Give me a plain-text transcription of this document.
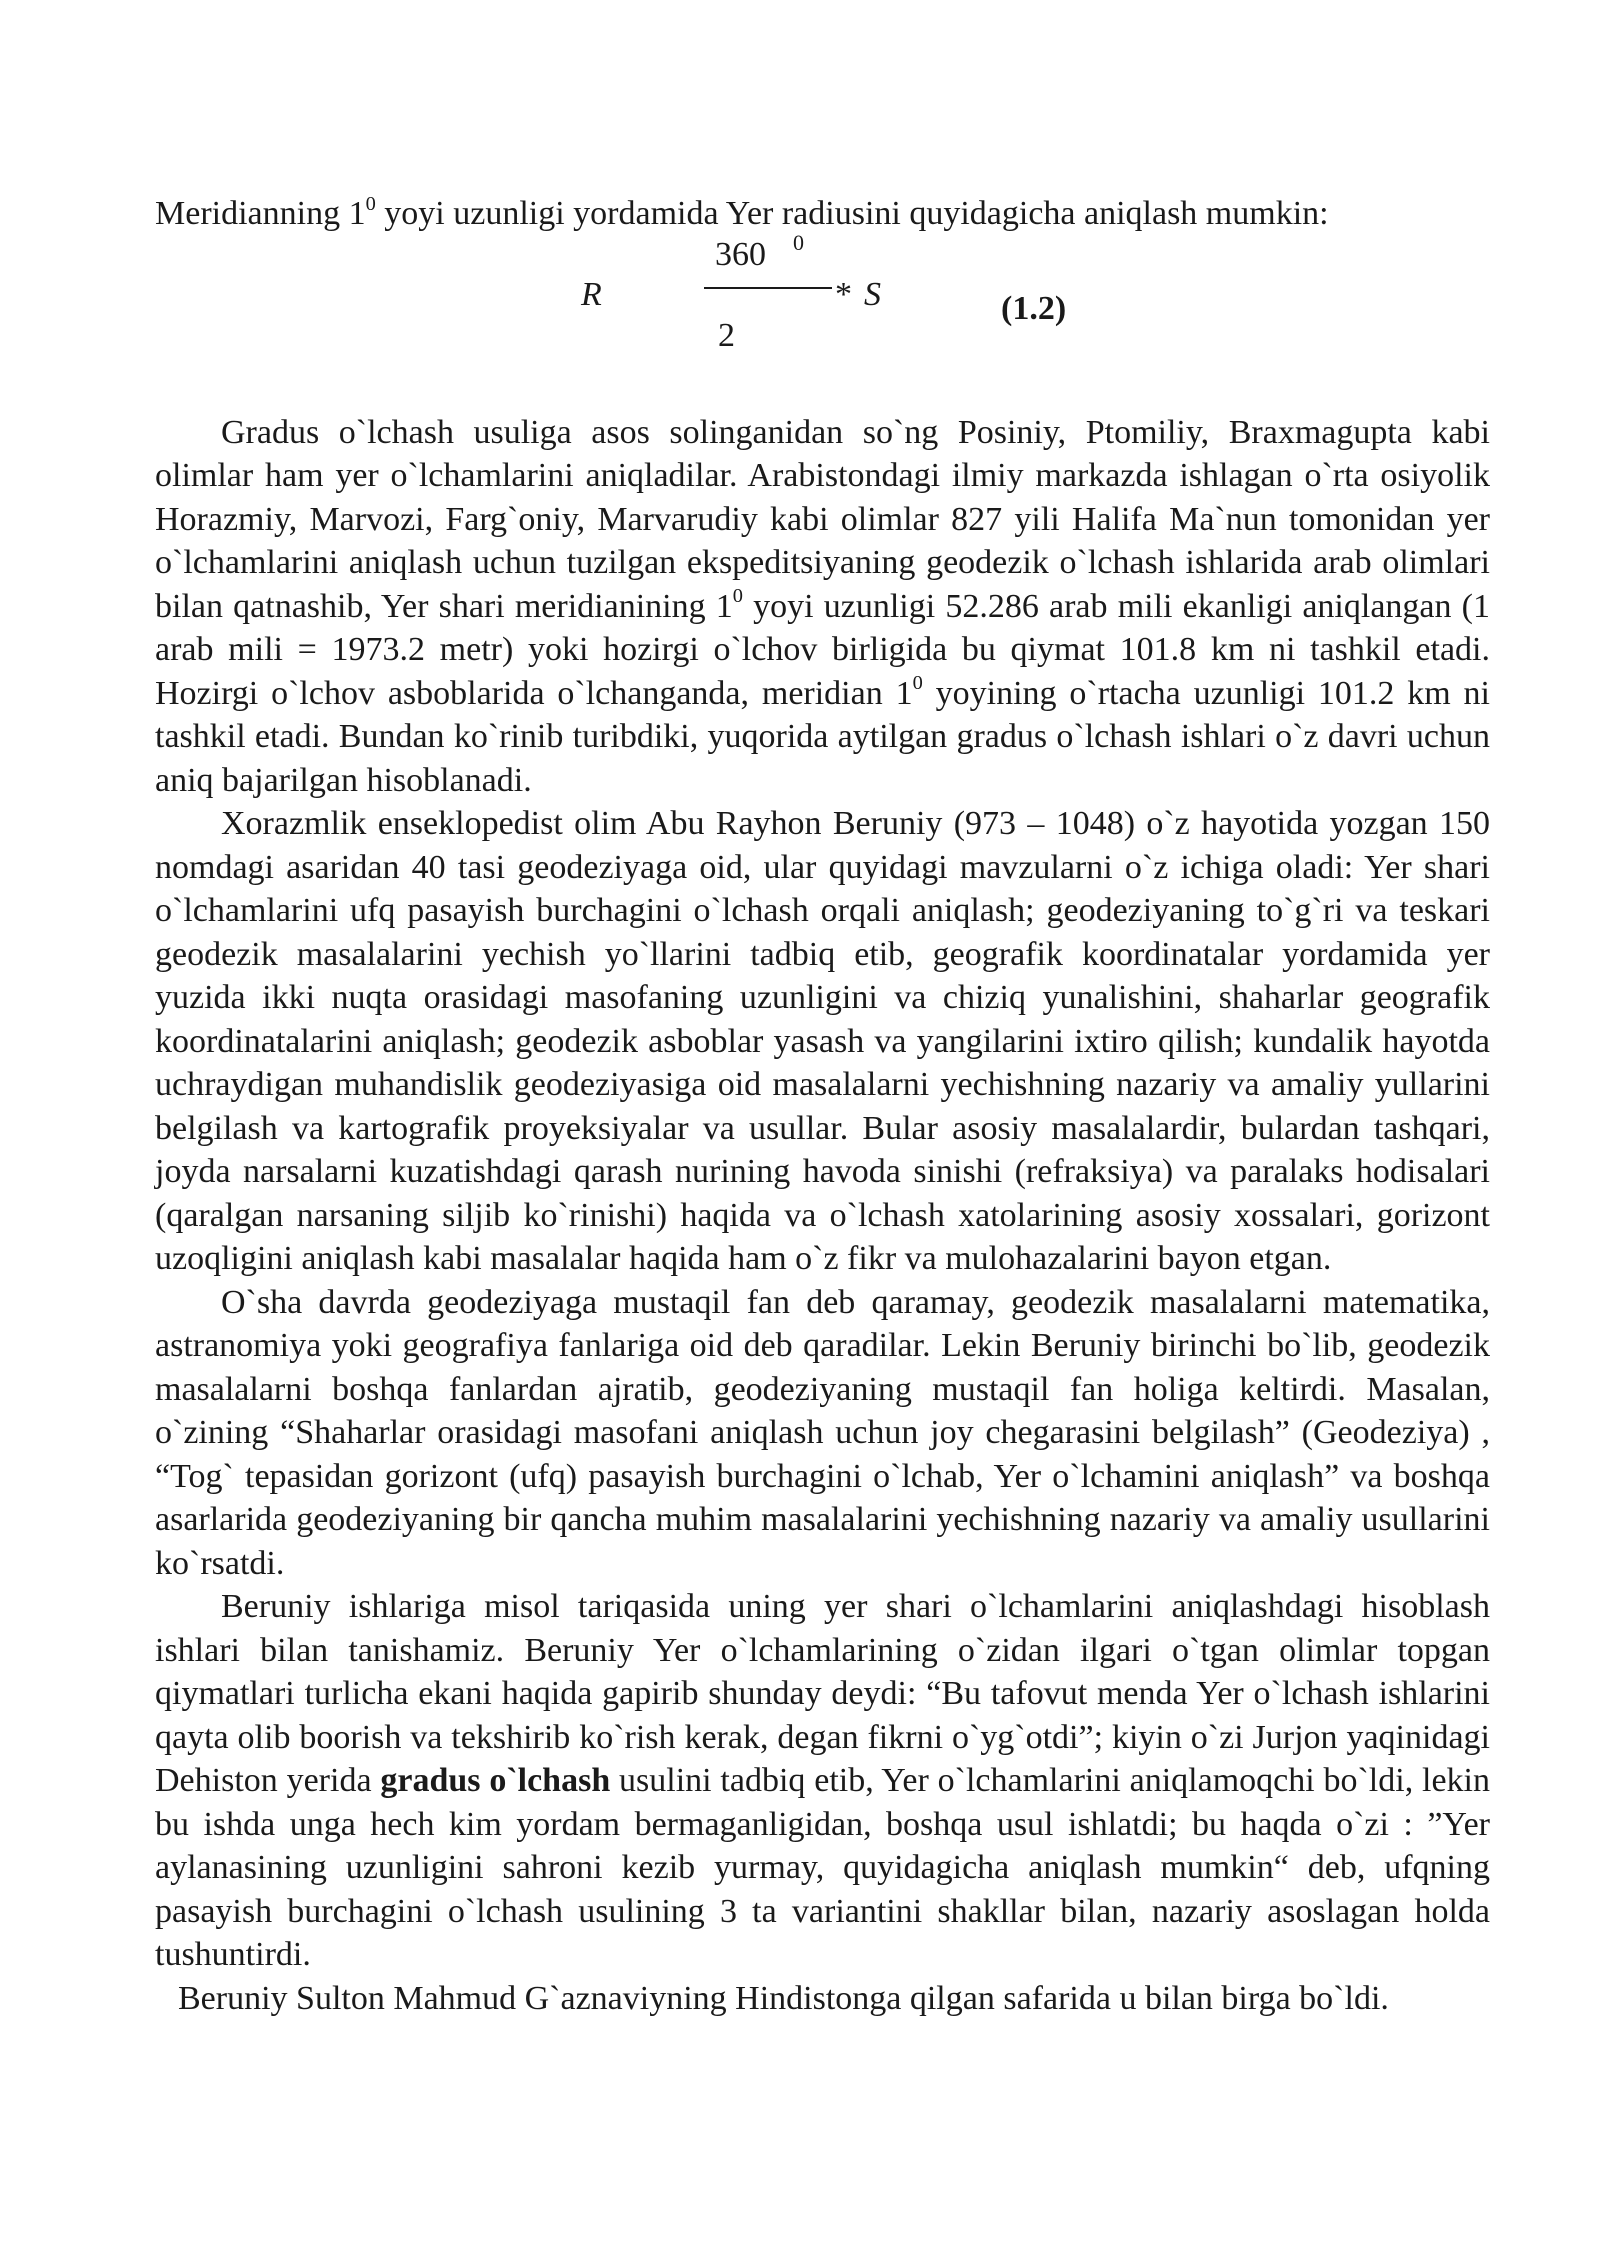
Meridianning $1^0$ yoyi uzunligi yordamida Yer radiusini quyidagicha aniqlash mumkin:

360 0
R	* S	(1.2)
2

Gradus o`lchash usuliga asos solinganidan so`ng Posiniy, Ptomiliy, Braxmagupta kabi olimlar ham yer o`lchamlarini aniqladilar. Arabistondagi ilmiy markazda ishlagan o`rta osiyolik Horazmiy, Marvozi, Farg`oniy, Marvarudiy kabi olimlar 827 yili Halifa Ma`nun tomonidan yer o`lchamlarini aniqlash uchun tuzilgan ekspeditsiyaning geodezik o`lchash ishlarida arab olimlari bilan qatnashib, Yer shari meridianining $1^0$ yoyi uzunligi 52.286 arab mili ekanligi aniqlangan (1 arab mili = 1973.2 metr) yoki hozirgi o`lchov birligida bu qiymat 101.8 km ni tashkil etadi. Hozirgi o`lchov asboblarida o`lchanganda, meridian $1^0$ yoyining o`rtacha uzunligi 101.2 km ni tashkil etadi. Bundan ko`rinib turibdiki, yuqorida aytilgan gradus o`lchash ishlari o`z davri uchun aniq bajarilgan hisoblanadi.

Xorazmlik enseklopedist olim Abu Rayhon Beruniy (973 – 1048) o`z hayotida yozgan 150 nomdagi asaridan 40 tasi geodeziyaga oid, ular quyidagi mavzularni o`z ichiga oladi: Yer shari o`lchamlarini ufq pasayish burchagini o`lchash orqali aniqlash; geodeziyaning to`g`ri va teskari geodezik masalalarini yechish yo`llarini tadbiq etib, geografik koordinatalar yordamida yer yuzida ikki nuqta orasidagi masofaning uzunligini va chiziq yunalishini, shaharlar geografik koordinatalarini aniqlash; geodezik asboblar yasash va yangilarini ixtiro qilish; kundalik hayotda uchraydigan muhandislik geodeziyasiga oid masalalarni yechishning nazariy va amaliy yullarini belgilash va kartografik proyeksiyalar va usullar. Bular asosiy masalalardir, bulardan tashqari, joyda narsalarni kuzatishdagi qarash nurining havoda sinishi (refraksiya) va paralaks hodisalari (qaralgan narsaning siljib ko`rinishi) haqida va o`lchash xatolarining asosiy xossalari, gorizont uzoqligini aniqlash kabi masalalar haqida ham o`z fikr va mulohazalarini bayon etgan.

O`sha davrda geodeziyaga mustaqil fan deb qaramay, geodezik masalalarni matematika, astranomiya yoki geografiya fanlariga oid deb qaradilar. Lekin Beruniy birinchi bo`lib, geodezik masalalarni boshqa fanlardan ajratib, geodeziyaning mustaqil fan holiga keltirdi. Masalan, o`zining “Shaharlar orasidagi masofani aniqlash uchun joy chegarasini belgilash” (Geodeziya) , “Tog` tepasidan gorizont (ufq) pasayish burchagini o`lchab, Yer o`lchamini aniqlash” va boshqa asarlarida geodeziyaning bir qancha muhim masalalarini yechishning nazariy va amaliy usullarini ko`rsatdi.

Beruniy ishlariga misol tariqasida uning yer shari o`lchamlarini aniqlashdagi hisoblash ishlari bilan tanishamiz. Beruniy Yer o`lchamlarining o`zidan ilgari o`tgan olimlar topgan qiymatlari turlicha ekani haqida gapirib shunday deydi: “Bu tafovut menda Yer o`lchash ishlarini qayta olib boorish va tekshirib ko`rish kerak, degan fikrni o`yg`otdi”; kiyin o`zi Jurjon yaqinidagi Dehiston yerida gradus o`lchash usulini tadbiq etib, Yer o`lchamlarini aniqlamoqchi bo`ldi, lekin bu ishda unga hech kim yordam bermaganligidan, boshqa usul ishlatdi; bu haqda o`zi : ”Yer aylanasining uzunligini sahroni kezib yurmay, quyidagicha aniqlash mumkin“ deb, ufqning pasayish burchagini o`lchash usulining 3 ta variantini shakllar bilan, nazariy asoslagan holda tushuntirdi.

Beruniy Sulton Mahmud G`aznaviyning Hindistonga qilgan safarida u bilan birga bo`ldi.
